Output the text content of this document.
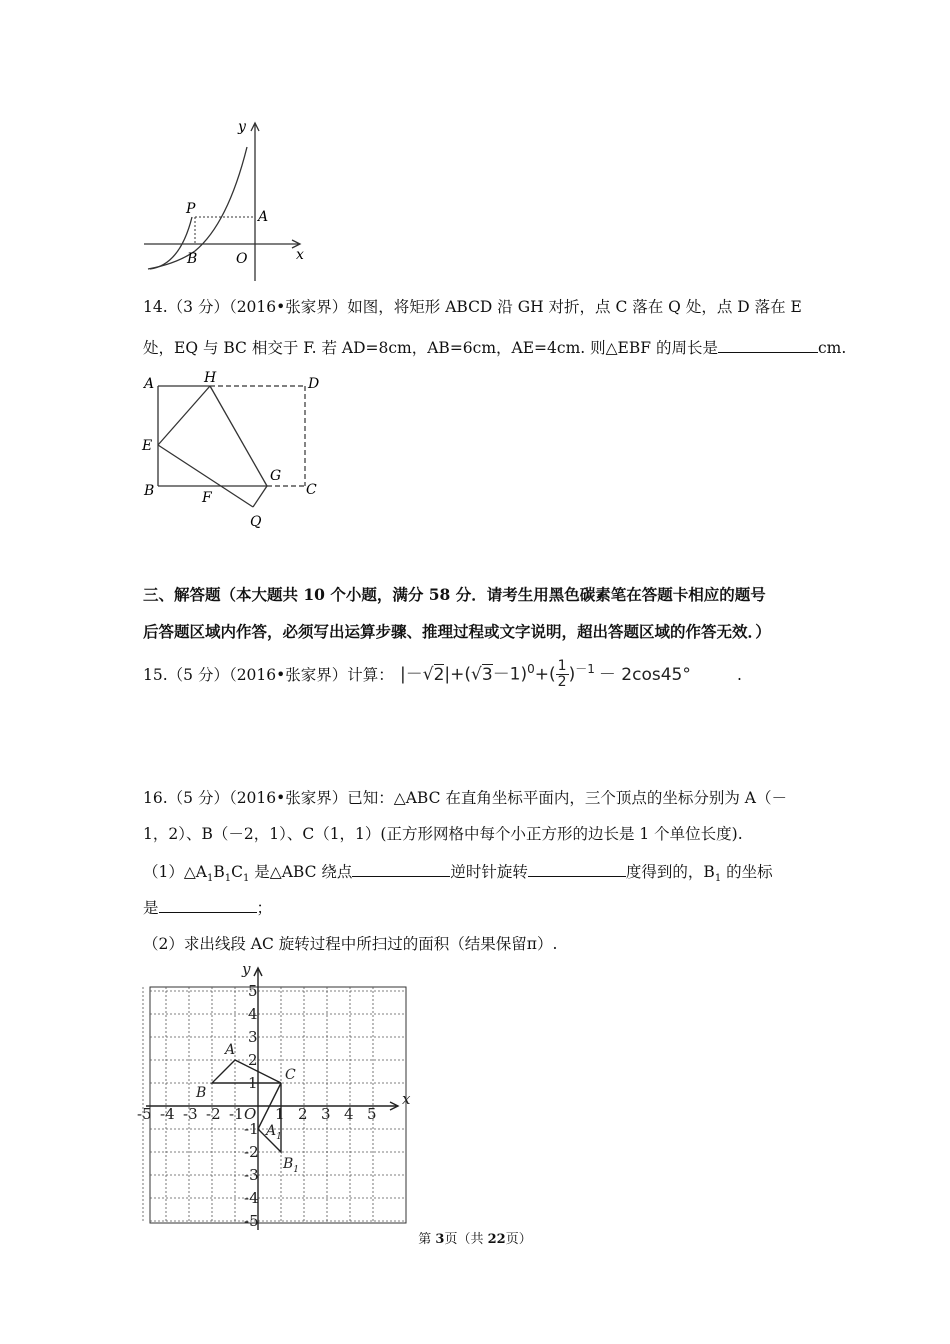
y
x
P	A
B	O
14.（3 分）（2016•张家界）如图，将矩形 ABCD 沿 GH 对折，点 C 落在 Q 处，点 D 落在 E
处，EQ 与 BC 相交于 F. 若 AD=8cm，AB=6cm，AE=4cm. 则△EBF 的周长是	cm.
A	H	D
E
B	F
G
C
Q
三、解答题（本大题共 10 个小题，满分 58 分．请考生用黑色碳素笔在答题卡相应的题号
后答题区域内作答，必须写出运算步骤、推理过程或文字说明，超出答题区域的作答无效．）
15.（5 分）（2016•张家界）计算： $|-√2|+(√3-1)^0+( \frac{1}{2} )^{-1} - 2\cos 45^\circ$	.
16.（5 分）（2016•张家界）已知：△ABC 在直角坐标平面内，三个顶点的坐标分别为 A（－
1，2）、B（－2，1）、C（1，1）(正方形网格中每个小正方形的边长是 1 个单位长度).
$(1)\triangle A_1B_1C_1$ 是△ABC 绕点	逆时针旋转	度得到的，$B_1$ 的坐标
是	；
（2）求出线段 AC 旋转过程中所扫过的面积（结果保留π）.
x
y
O
-5 -4 -3 -2 -1 1 2 3 4 5
5
4
3
2
1
-1
-2
-3
-4
-5
A
B
C
$A_1$
$B_1$
第 3页（共 22页）
